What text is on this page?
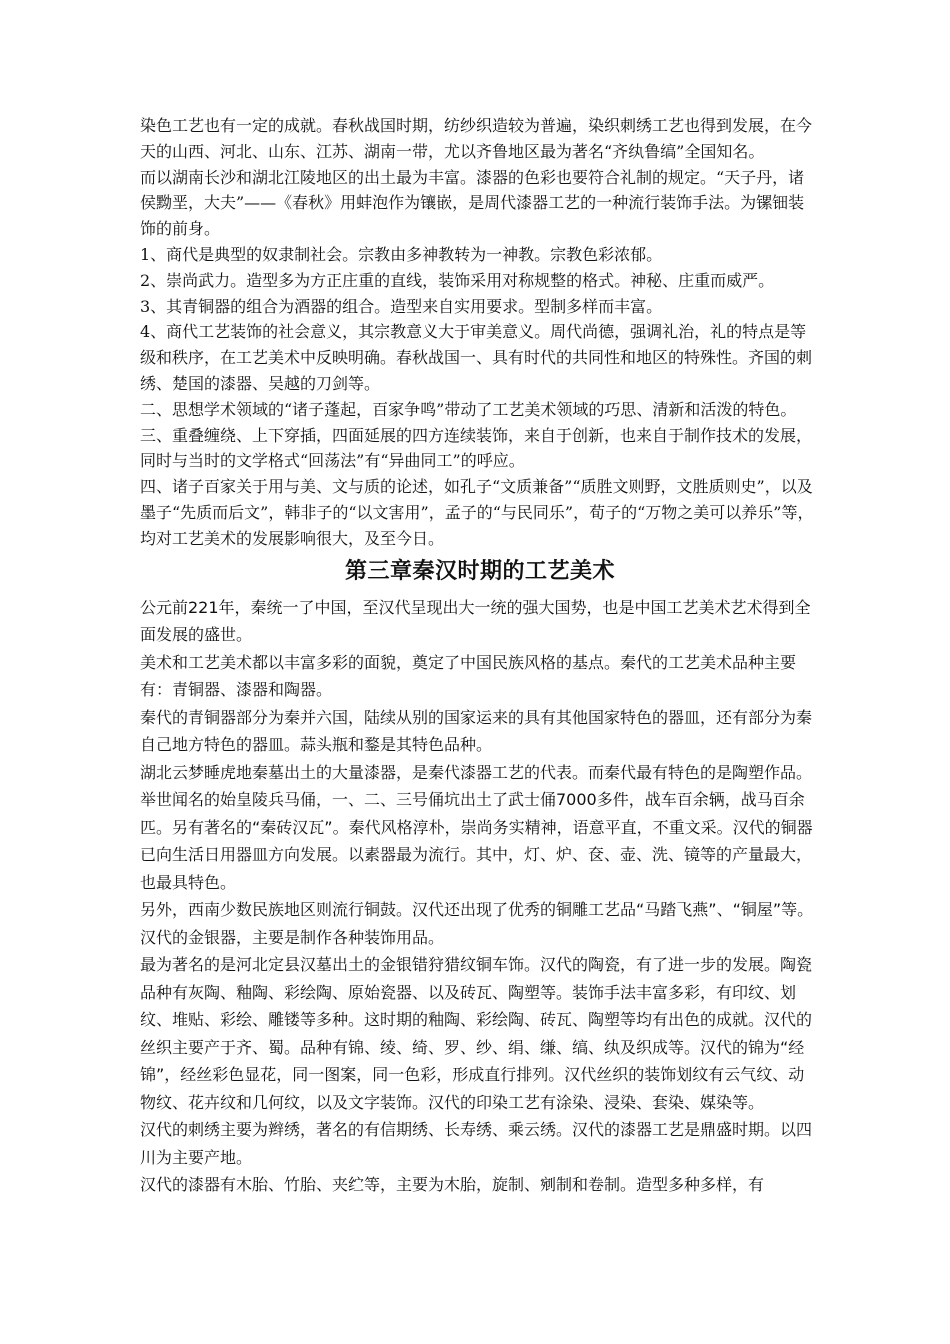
染色工艺也有一定的成就。春秋战国时期，纺纱织造较为普遍，染织刺绣工艺也得到发展，在今天的山西、河北、山东、江苏、湖南一带，尤以齐鲁地区最为著名“齐纨鲁缟”全国知名。

而以湖南长沙和湖北江陵地区的出土最为丰富。漆器的色彩也要符合礼制的规定。“天子丹，诸侯黝垩，大夫”——《春秋》用蚌泡作为镶嵌，是周代漆器工艺的一种流行装饰手法。为镙钿装饰的前身。

1、商代是典型的奴隶制社会。宗教由多神教转为一神教。宗教色彩浓郁。

2、崇尚武力。造型多为方正庄重的直线，装饰采用对称规整的格式。神秘、庄重而威严。

3、其青铜器的组合为酒器的组合。造型来自实用要求。型制多样而丰富。

4、商代工艺装饰的社会意义，其宗教意义大于审美意义。周代尚德，强调礼治，礼的特点是等级和秩序，在工艺美术中反映明确。春秋战国一、具有时代的共同性和地区的特殊性。齐国的刺绣、楚国的漆器、吴越的刀剑等。

二、思想学术领域的“诸子蓬起，百家争鸣”带动了工艺美术领域的巧思、清新和活泼的特色。

三、重叠缠绕、上下穿插，四面延展的四方连续装饰，来自于创新，也来自于制作技术的发展，同时与当时的文学格式“回荡法”有“异曲同工”的呼应。

四、诸子百家关于用与美、文与质的论述，如孔子“文质兼备”“质胜文则野，文胜质则史”，以及墨子“先质而后文”，韩非子的“以文害用”，孟子的“与民同乐”，荀子的“万物之美可以养乐”等，均对工艺美术的发展影响很大，及至今日。

第三章秦汉时期的工艺美术

公元前221年，秦统一了中国，至汉代呈现出大一统的强大国势，也是中国工艺美术艺术得到全面发展的盛世。

美术和工艺美术都以丰富多彩的面貌，奠定了中国民族风格的基点。秦代的工艺美术品种主要有：青铜器、漆器和陶器。

秦代的青铜器部分为秦并六国，陆续从别的国家运来的具有其他国家特色的器皿，还有部分为秦自己地方特色的器皿。蒜头瓶和鍪是其特色品种。

湖北云梦睡虎地秦墓出土的大量漆器，是秦代漆器工艺的代表。而秦代最有特色的是陶塑作品。举世闻名的始皇陵兵马俑，一、二、三号俑坑出土了武士俑7000多件，战车百余辆，战马百余匹。另有著名的“秦砖汉瓦”。秦代风格淳朴，崇尚务实精神，语意平直，不重文采。汉代的铜器已向生活日用器皿方向发展。以素器最为流行。其中，灯、炉、奁、壶、洗、镜等的产量最大，也最具特色。

另外，西南少数民族地区则流行铜鼓。汉代还出现了优秀的铜雕工艺品“马踏飞燕”、“铜屋”等。汉代的金银器，主要是制作各种装饰用品。

最为著名的是河北定县汉墓出土的金银错狩猎纹铜车饰。汉代的陶瓷，有了进一步的发展。陶瓷品种有灰陶、釉陶、彩绘陶、原始瓷器、以及砖瓦、陶塑等。装饰手法丰富多彩，有印纹、划纹、堆贴、彩绘、雕镂等多种。这时期的釉陶、彩绘陶、砖瓦、陶塑等均有出色的成就。汉代的丝织主要产于齐、蜀。品种有锦、绫、绮、罗、纱、绢、缣、缟、纨及织成等。汉代的锦为“经锦”，经丝彩色显花，同一图案，同一色彩，形成直行排列。汉代丝织的装饰划纹有云气纹、动物纹、花卉纹和几何纹，以及文字装饰。汉代的印染工艺有涂染、浸染、套染、媒染等。

汉代的刺绣主要为辫绣，著名的有信期绣、长寿绣、乘云绣。汉代的漆器工艺是鼎盛时期。以四川为主要产地。

汉代的漆器有木胎、竹胎、夹纻等，主要为木胎，旋制、剜制和卷制。造型多种多样，有
